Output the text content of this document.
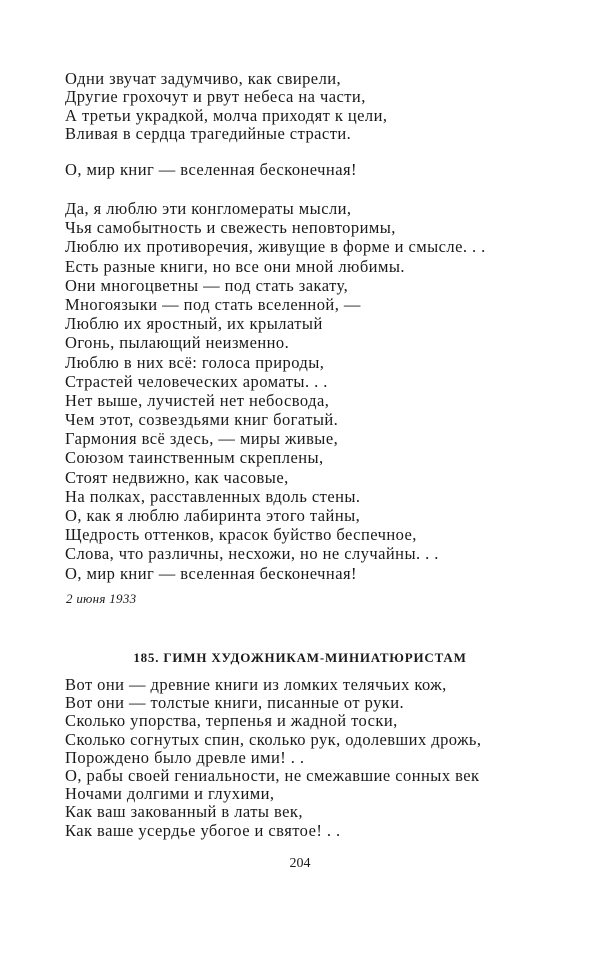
Одни звучат задумчиво, как свирели,
Другие грохочут и рвут небеса на части,
А третьи украдкой, молча приходят к цели,
Вливая в сердца трагедийные страсти.
О, мир книг — вселенная бесконечная!
Да, я люблю эти конгломераты мысли,
Чья самобытность и свежесть неповторимы,
Люблю их противоречия, живущие в форме и смысле. . .
Есть разные книги, но все они мной любимы.
Они многоцветны — под стать закату,
Многоязыки — под стать вселенной, —
Люблю их яростный, их крылатый
Огонь, пылающий неизменно.
Люблю в них всё: голоса природы,
Страстей человеческих ароматы. . .
Нет выше, лучистей нет небосвода,
Чем этот, созвездьями книг богатый.
Гармония всё здесь, — миры живые,
Союзом таинственным скреплены,
Стоят недвижно, как часовые,
На полках, расставленных вдоль стены.
О, как я люблю лабиринта этого тайны,
Щедрость оттенков, красок буйство беспечное,
Слова, что различны, несхожи, но не случайны. . .
О, мир книг — вселенная бесконечная!
2 июня 1933
185. ГИМН ХУДОЖНИКАМ-МИНИАТЮРИСТАМ
Вот они — древние книги из ломких телячьих кож,
Вот они — толстые книги, писанные от руки.
Сколько упорства, терпенья и жадной тоски,
Сколько согнутых спин, сколько рук, одолевших дрожь,
Порождено было древле ими! . .
О, рабы своей гениальности, не смежавшие сонных век
Ночами долгими и глухими,
Как ваш закованный в латы век,
Как ваше усердье убогое и святое! . .
204
